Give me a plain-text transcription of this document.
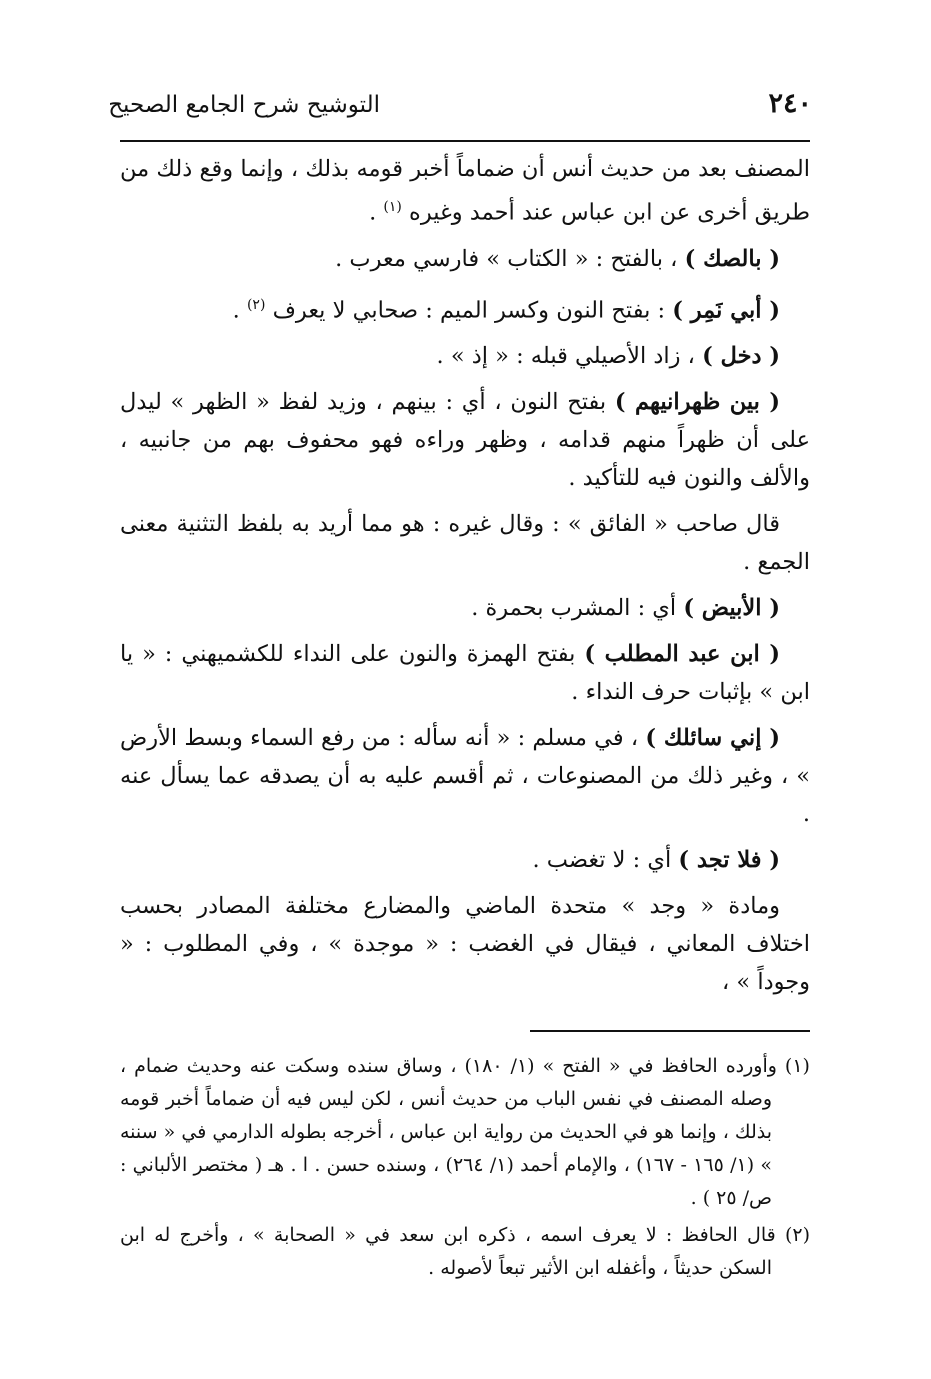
٢٤٠
التوشيح شرح الجامع الصحيح

المصنف بعد من حديث أنس أن ضماماً أخبر قومه بذلك ، وإنما وقع ذلك من طريق أخرى عن ابن عباس عند أحمد وغيره $^{(١)}$ .

( بالصك ) ، بالفتح : « الكتاب » فارسي معرب .

( أبي نَمِر ) : بفتح النون وكسر الميم : صحابي لا يعرف $^{(٢)}$ .

( دخل ) ، زاد الأصيلي قبله : « إذ » .

( بين ظهرانيهم ) بفتح النون ، أي : بينهم ، وزيد لفظ « الظهر » ليدل على أن ظهراً منهم قدامه ، وظهر وراءه فهو محفوف بهم من جانبيه ، والألف والنون فيه للتأكيد .

قال صاحب « الفائق » : وقال غيره : هو مما أريد به بلفظ التثنية معنى الجمع .

( الأبيض ) أي : المشرب بحمرة .

( ابن عبد المطلب ) بفتح الهمزة والنون على النداء للكشميهني : « يا ابن » بإثبات حرف النداء .

( إني سائلك ) ، في مسلم : « أنه سأله : من رفع السماء وبسط الأرض » ، وغير ذلك من المصنوعات ، ثم أقسم عليه به أن يصدقه عما يسأل عنه .

( فلا تجد ) أي : لا تغضب .

ومادة « وجد » متحدة الماضي والمضارع مختلفة المصادر بحسب اختلاف المعاني ، فيقال في الغضب : « موجدة » ، وفي المطلوب : « وجوداً » ،

(١) وأورده الحافظ في « الفتح » (١/ ١٨٠) ، وساق سنده وسكت عنه وحديث ضمام ، وصله المصنف في نفس الباب من حديث أنس ، لكن ليس فيه أن ضماماً أخبر قومه بذلك ، وإنما هو في الحديث من رواية ابن عباس ، أخرجه بطوله الدارمي في « سننه » (١/ ١٦٥ - ١٦٧) ، والإمام أحمد (١/ ٢٦٤) ، وسنده حسن . ا . هـ ( مختصر الألباني : ص/ ٢٥ ) .

(٢) قال الحافظ : لا يعرف اسمه ، ذكره ابن سعد في « الصحابة » ، وأخرج له ابن السكن حديثاً ، وأغفله ابن الأثير تبعاً لأصوله .
